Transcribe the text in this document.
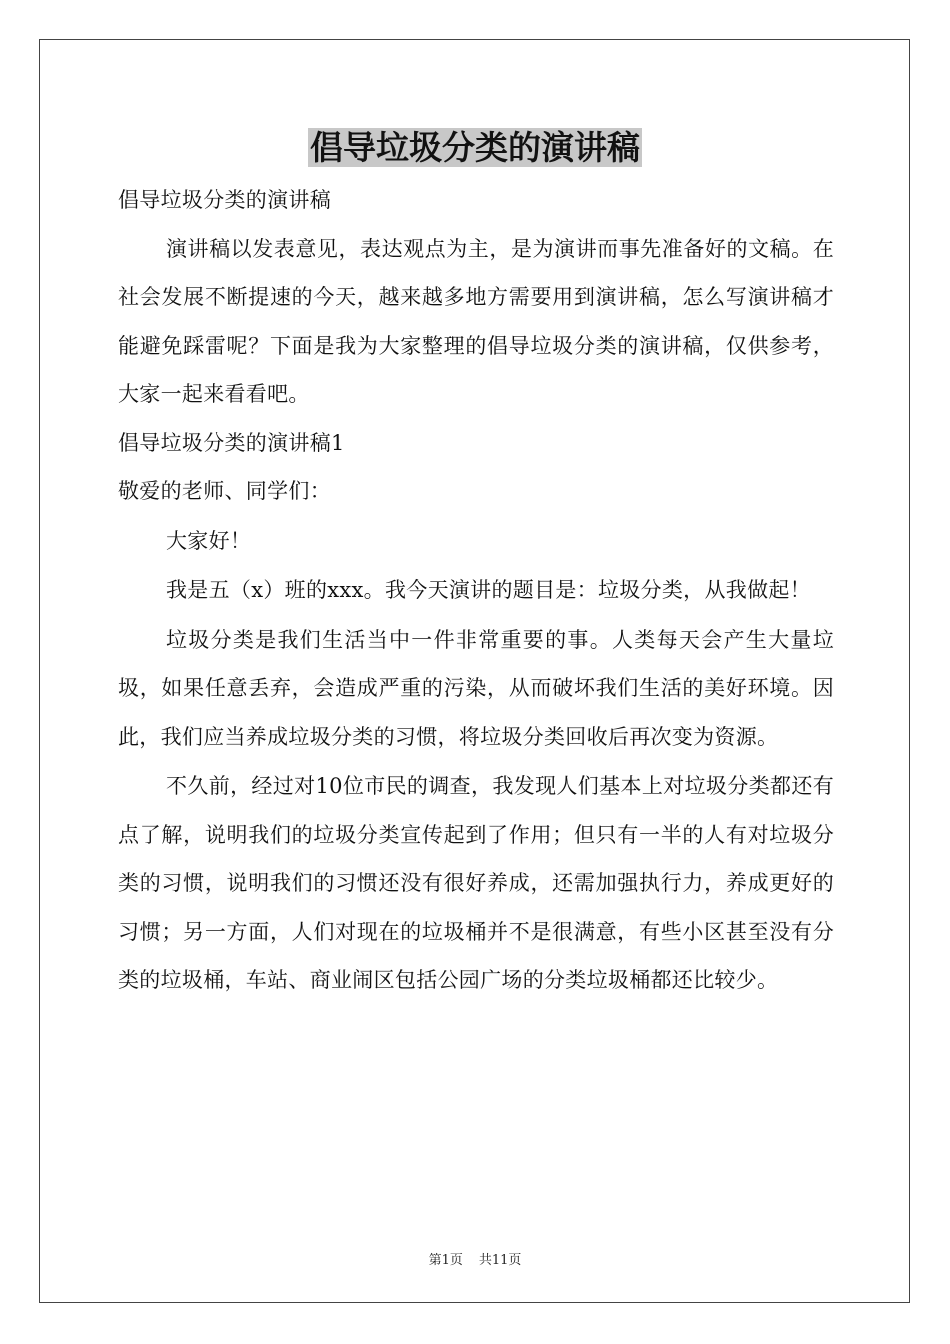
倡导垃圾分类的演讲稿

倡导垃圾分类的演讲稿

演讲稿以发表意见，表达观点为主，是为演讲而事先准备好的文稿。在社会发展不断提速的今天，越来越多地方需要用到演讲稿，怎么写演讲稿才能避免踩雷呢？下面是我为大家整理的倡导垃圾分类的演讲稿，仅供参考，大家一起来看看吧。

倡导垃圾分类的演讲稿1

敬爱的老师、同学们：

大家好！

我是五（x）班的xxx。我今天演讲的题目是：垃圾分类，从我做起！

垃圾分类是我们生活当中一件非常重要的事。人类每天会产生大量垃圾，如果任意丢弃，会造成严重的污染，从而破坏我们生活的美好环境。因此，我们应当养成垃圾分类的习惯，将垃圾分类回收后再次变为资源。

不久前，经过对10位市民的调查，我发现人们基本上对垃圾分类都还有点了解，说明我们的垃圾分类宣传起到了作用；但只有一半的人有对垃圾分类的习惯，说明我们的习惯还没有很好养成，还需加强执行力，养成更好的习惯；另一方面，人们对现在的垃圾桶并不是很满意，有些小区甚至没有分类的垃圾桶，车站、商业闹区包括公园广场的分类垃圾桶都还比较少。

第1页 共11页
